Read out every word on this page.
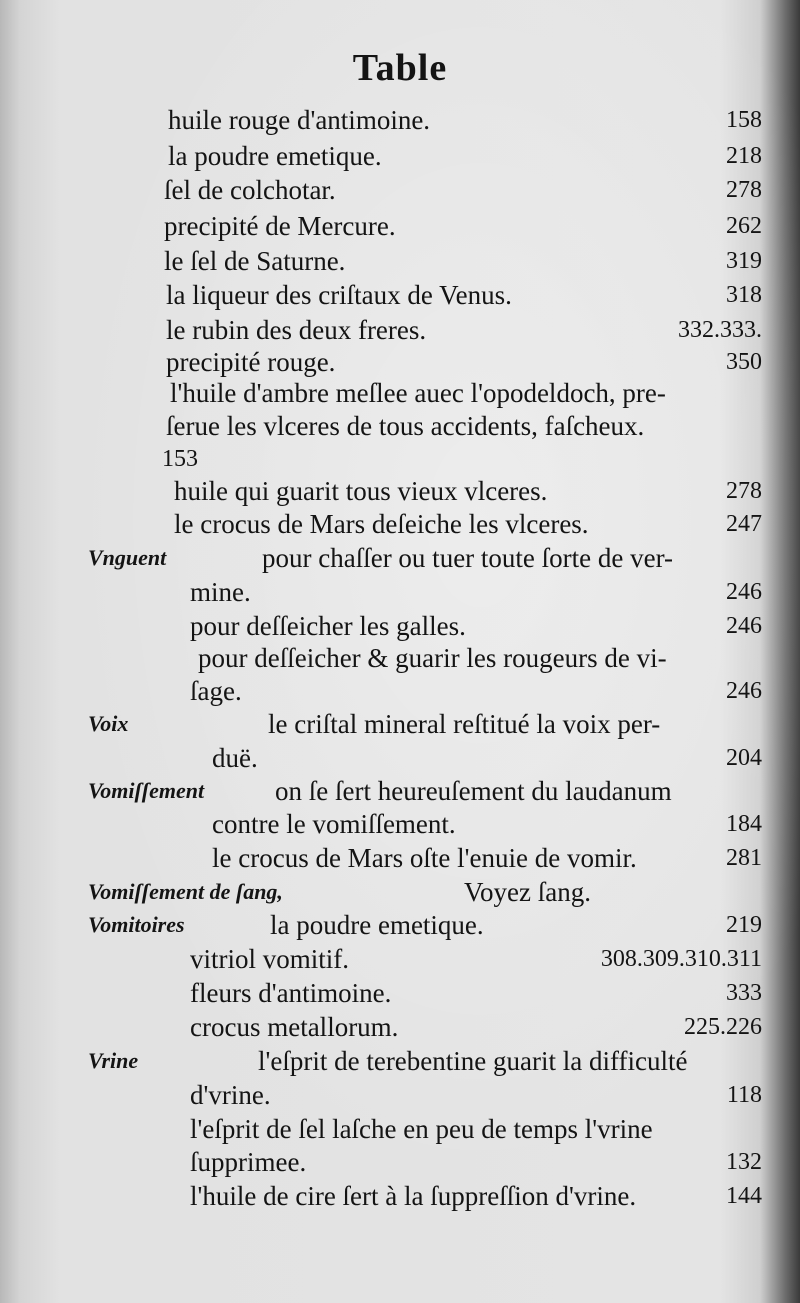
Table
huile rouge d'antimoine.	158
la poudre emetique.	218
ſel de colchotar.	278
precipité de Mercure.	262
le ſel de Saturne.	319
la liqueur des criſtaux de Venus.	318
le rubin des deux freres.	332.333.
precipité rouge.	350
l'huile d'ambre meſlee auec l'opodeldoch, pre-
ſerue les vlceres de tous accidents, faſcheux.
153
huile qui guarit tous vieux vlceres.	278
le crocus de Mars deſeiche les vlceres.	247
Vnguent	pour chaſſer ou tuer toute ſorte de ver-
mine.	246
pour deſſeicher les galles.	246
pour deſſeicher & guarir les rougeurs de vi-
ſage.	246
Voix	le criſtal mineral reſtitué la voix per-
duë.	204
Vomiſſement	on ſe ſert heureuſement du laudanum
contre le vomiſſement.	184
le crocus de Mars oſte l'enuie de vomir.	281
Vomiſſement de ſang,	Voyez ſang.
Vomitoires	la poudre emetique.	219
vitriol vomitif.	308.309.310.311
fleurs d'antimoine.	333
crocus metallorum.	225.226
Vrine	l'eſprit de terebentine guarit la difficulté
d'vrine.	118
l'eſprit de ſel laſche en peu de temps l'vrine
ſupprimee.	132
l'huile de cire ſert à la ſuppreſſion d'vrine.	144
